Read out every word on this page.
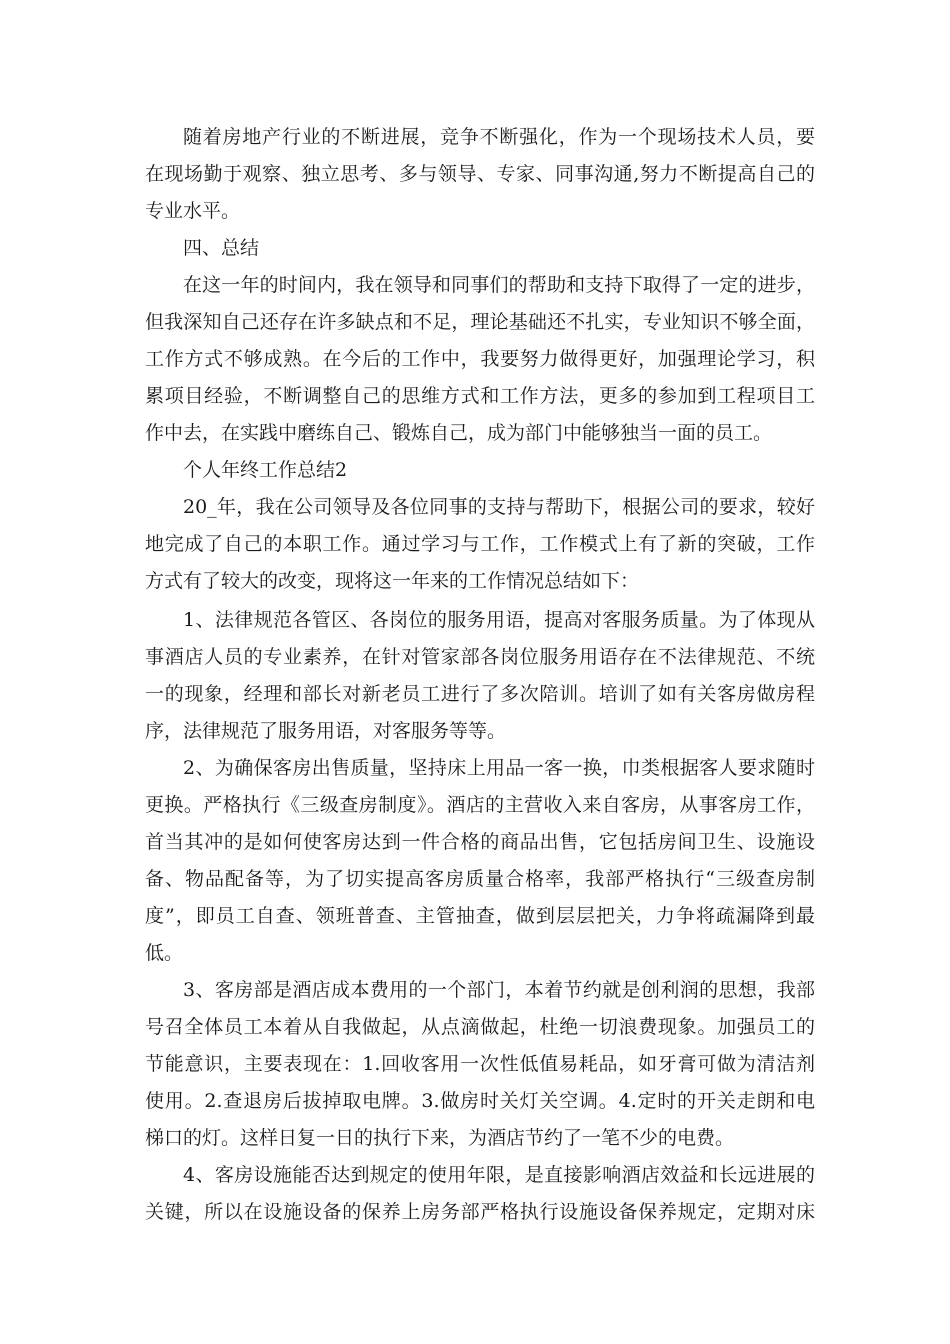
随着房地产行业的不断进展，竞争不断强化，作为一个现场技术人员，要

在现场勤于观察、独立思考、多与领导、专家、同事沟通,努力不断提高自己的

专业水平。

四、总结

在这一年的时间内，我在领导和同事们的帮助和支持下取得了一定的进步，

但我深知自己还存在许多缺点和不足，理论基础还不扎实，专业知识不够全面，

工作方式不够成熟。在今后的工作中，我要努力做得更好，加强理论学习，积

累项目经验，不断调整自己的思维方式和工作方法，更多的参加到工程项目工

作中去，在实践中磨练自己、锻炼自己，成为部门中能够独当一面的员工。

个人年终工作总结2

20_年，我在公司领导及各位同事的支持与帮助下，根据公司的要求，较好

地完成了自己的本职工作。通过学习与工作，工作模式上有了新的突破，工作

方式有了较大的改变，现将这一年来的工作情况总结如下：

1、法律规范各管区、各岗位的服务用语，提高对客服务质量。为了体现从

事酒店人员的专业素养，在针对管家部各岗位服务用语存在不法律规范、不统

一的现象，经理和部长对新老员工进行了多次陪训。培训了如有关客房做房程

序，法律规范了服务用语，对客服务等等。

2、为确保客房出售质量，坚持床上用品一客一换，巾类根据客人要求随时

更换。严格执行《三级查房制度》。酒店的主营收入来自客房，从事客房工作，

首当其冲的是如何使客房达到一件合格的商品出售，它包括房间卫生、设施设

备、物品配备等，为了切实提高客房质量合格率，我部严格执行“三级查房制

度”，即员工自查、领班普查、主管抽查，做到层层把关，力争将疏漏降到最

低。

3、客房部是酒店成本费用的一个部门，本着节约就是创利润的思想，我部

号召全体员工本着从自我做起，从点滴做起，杜绝一切浪费现象。加强员工的

节能意识，主要表现在：1.回收客用一次性低值易耗品，如牙膏可做为清洁剂

使用。2.查退房后拔掉取电牌。3.做房时关灯关空调。4.定时的开关走朗和电

梯口的灯。这样日复一日的执行下来，为酒店节约了一笔不少的电费。

4、客房设施能否达到规定的使用年限，是直接影响酒店效益和长远进展的

关键，所以在设施设备的保养上房务部严格执行设施设备保养规定，定期对床
